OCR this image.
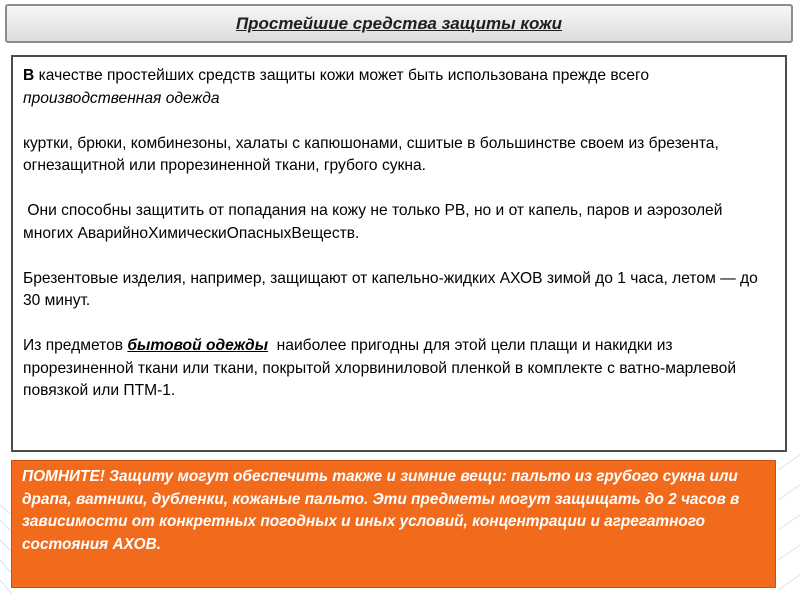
Простейшие средства защиты кожи

В качестве простейших средств защиты кожи может быть использована прежде всего производственная одежда

куртки, брюки, комбинезоны, халаты с капюшонами, сшитые в большинстве своем из брезента, огнезащитной или прорезиненной ткани, грубого сукна.

Они способны защитить от попадания на кожу не только РВ, но и от капель, паров и аэрозолей многих АварийноХимическиОпасныхВеществ.

Брезентовые изделия, например, защищают от капельно-жидких АХОВ зимой до 1 часа, летом — до 30 минут.

Из предметов бытовой одежды  наиболее пригодны для этой цели плащи и накидки из прорезиненной ткани или ткани, покрытой хлорвиниловой пленкой в комплекте с ватно-марлевой повязкой или ПТМ-1.

ПОМНИТЕ! Защиту могут обеспечить также и зимние вещи: пальто из грубого сукна или драпа, ватники, дубленки, кожаные пальто. Эти предметы могут защищать до 2 часов в зависимости от конкретных погодных и иных условий, концентрации и агрегатного состояния АХОВ.
